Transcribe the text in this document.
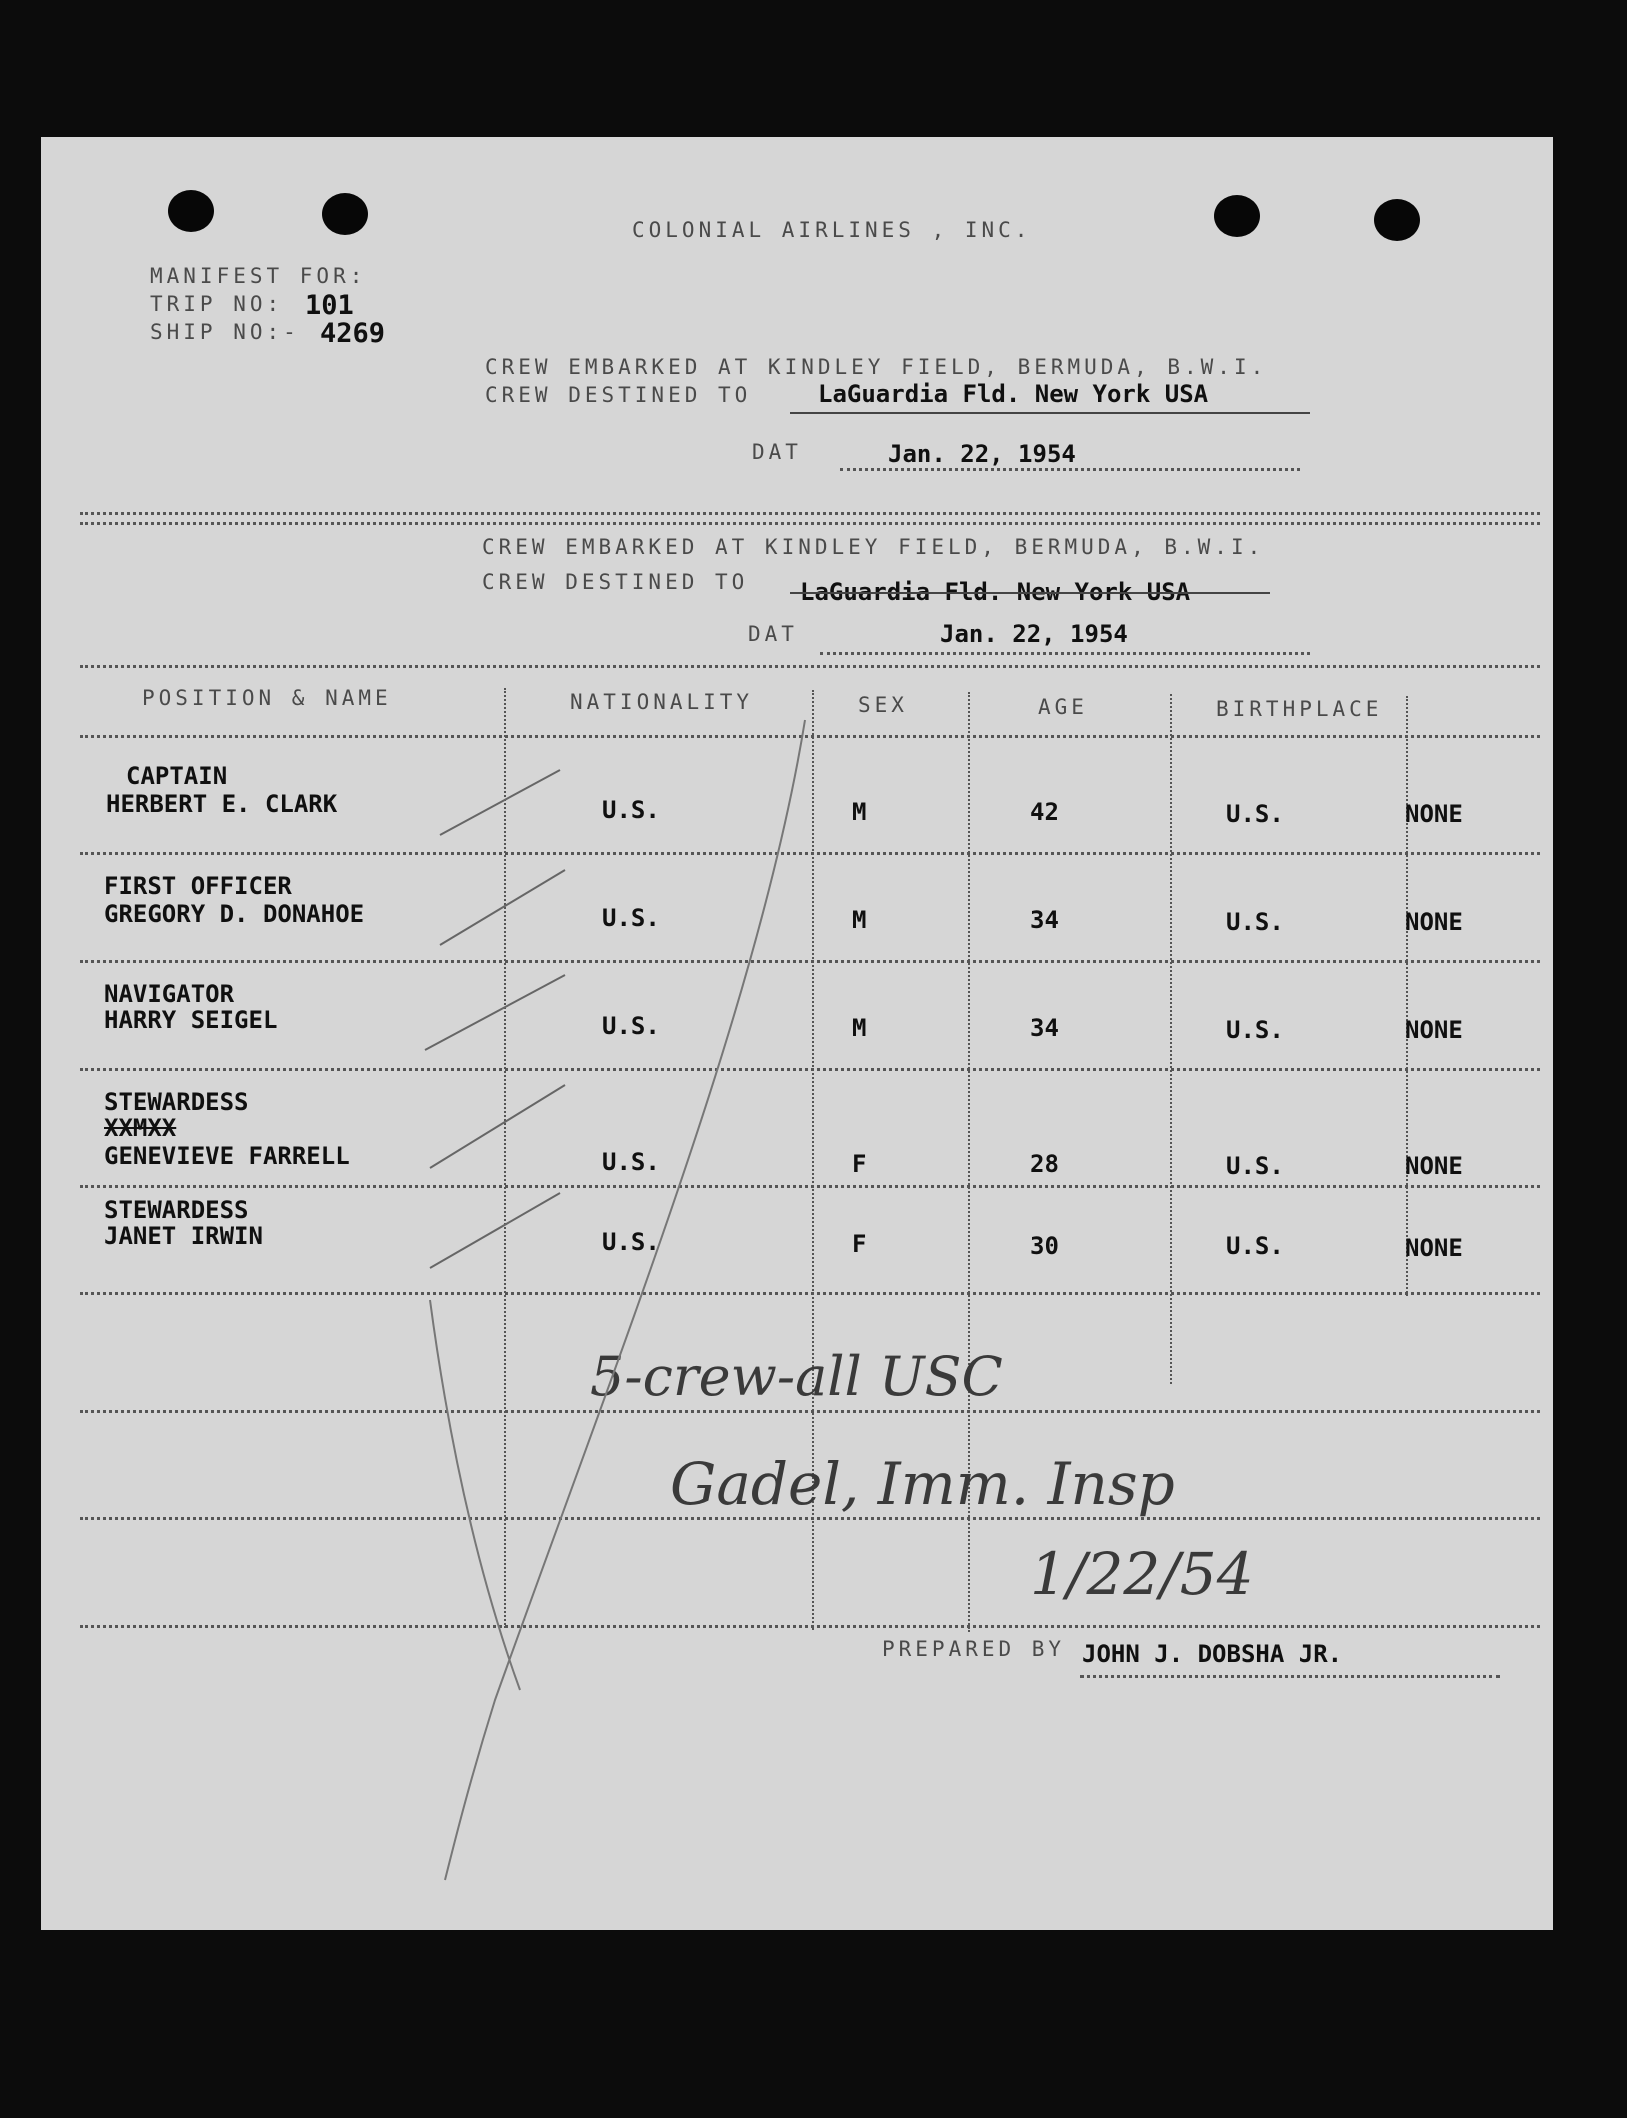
COLONIAL AIRLINES , INC.
MANIFEST FOR:
TRIP NO: 101
SHIP NO:- 4269
CREW EMBARKED AT KINDLEY FIELD, BERMUDA, B.W.I.
CREW DESTINED TO	LaGuardia Fld. New York USA
DAT	Jan. 22, 1954
CREW EMBARKED AT KINDLEY FIELD, BERMUDA, B.W.I.
CREW DESTINED TO LaGuardia Fld. New York USA
DAT	Jan. 22, 1954
POSITION & NAME	NATIONALITY	SEX	AGE	BIRTHPLACE
CAPTAIN
HERBERT E. CLARK	U.S.	M	42	U.S.	NONE
FIRST OFFICER
GREGORY D. DONAHOE	U.S.	M	34	U.S.	NONE
NAVIGATOR
HARRY SEIGEL	U.S.	M	34	U.S.	NONE
STEWARDESS
XXMXX
GENEVIEVE FARRELL	U.S.	F	28	U.S.	NONE
STEWARDESS
JANET IRWIN	U.S.	F	30	U.S.	NONE
5-crew-all USC
Gadel, Imm. Insp
1/22/54
PREPARED BY JOHN J. DOBSHA JR.
